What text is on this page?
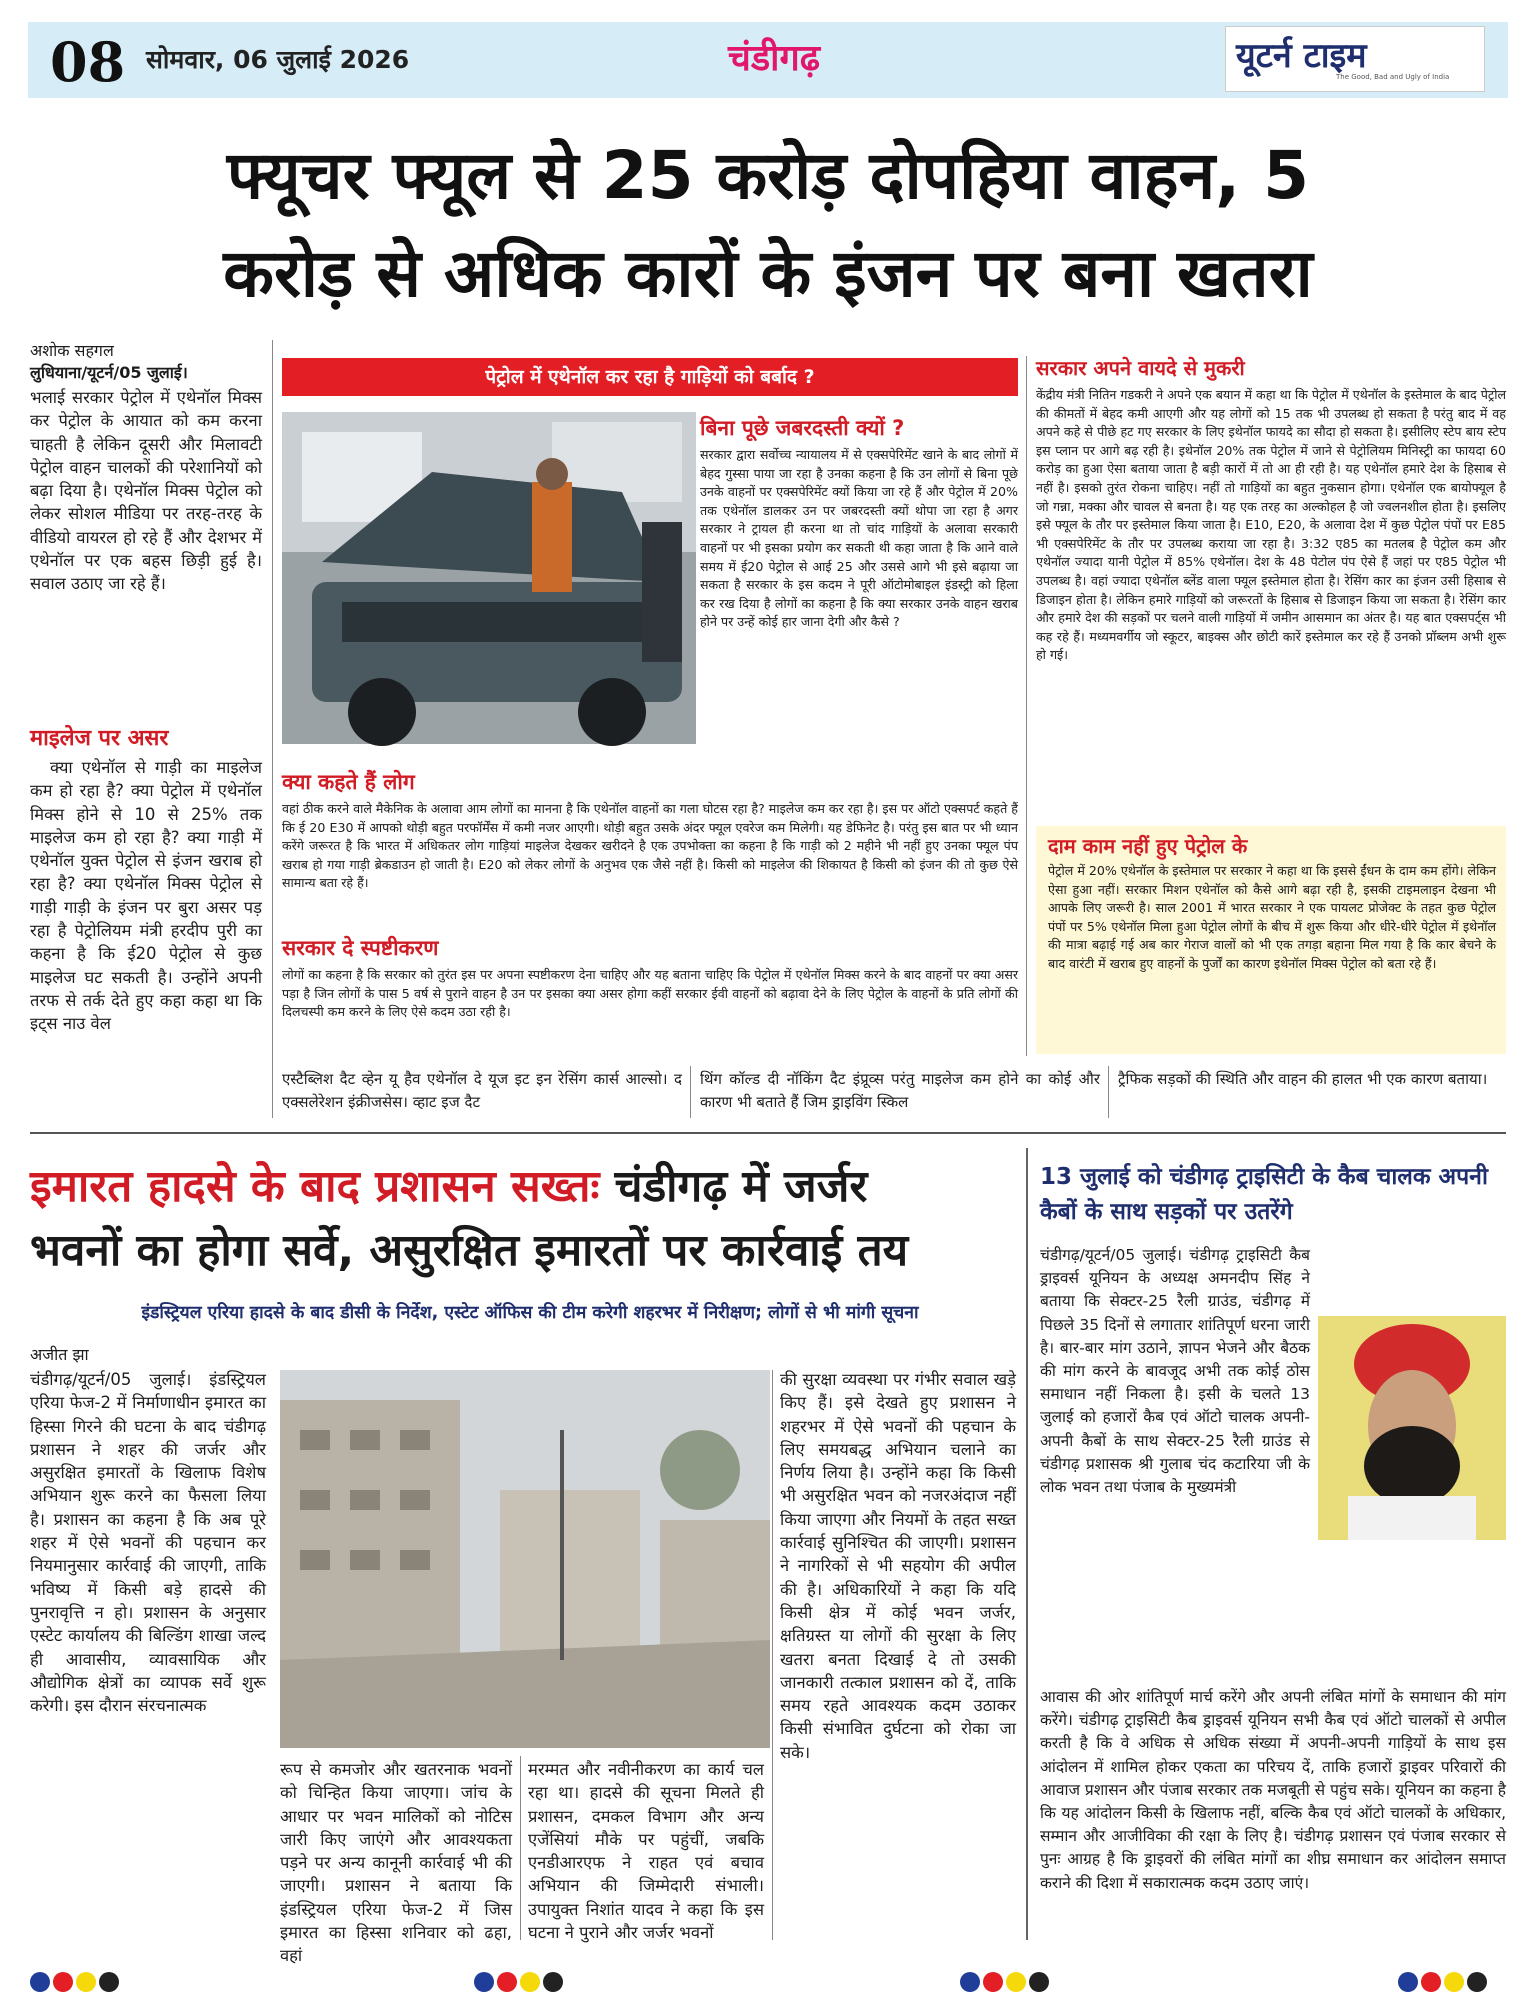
08 सोमवार, 06 जुलाई 2026	चंडीगढ़	यूटर्न टाइम
The Good, Bad and Ugly of India
फ्यूचर फ्यूल से 25 करोड़ दोपहिया वाहन, 5
करोड़ से अधिक कारों के इंजन पर बना खतरा
अशोक सहगल
लुधियाना/यूटर्न/05 जुलाई।
भलाई सरकार पेट्रोल में एथेनॉल मिक्स कर पेट्रोल के आयात को कम करना चाहती है लेकिन दूसरी और मिलावटी पेट्रोल वाहन चालकों की परेशानियों को बढ़ा दिया है। एथेनॉल मिक्स पेट्रोल को लेकर सोशल मीडिया पर तरह-तरह के वीडियो वायरल हो रहे हैं और देशभर में एथेनॉल पर एक बहस छिड़ी हुई है। सवाल उठाए जा रहे हैं।
माइलेज पर असर
क्या एथेनॉल से गाड़ी का माइलेज कम हो रहा है? क्या पेट्रोल में एथेनॉल मिक्स होने से 10 से 25% तक माइलेज कम हो रहा है? क्या गाड़ी में एथेनॉल युक्त पेट्रोल से इंजन खराब हो रहा है? क्या एथेनॉल मिक्स पेट्रोल से गाड़ी गाड़ी के इंजन पर बुरा असर पड़ रहा है पेट्रोलियम मंत्री हरदीप पुरी का कहना है कि ई20 पेट्रोल से कुछ माइलेज घट सकती है। उन्होंने अपनी तरफ से तर्क देते हुए कहा कहा था कि इट्स नाउ वेल
पेट्रोल में एथेनॉल कर रहा है गाड़ियों को बर्बाद ?
बिना पूछे जबरदस्ती क्यों ?
सरकार द्वारा सर्वोच्च न्यायालय में से एक्सपेरिमेंट खाने के बाद लोगों में बेहद गुस्सा पाया जा रहा है उनका कहना है कि उन लोगों से बिना पूछे उनके वाहनों पर एक्सपेरिमेंट क्यों किया जा रहे हैं और पेट्रोल में 20% तक एथेनॉल डालकर उन पर जबरदस्ती क्यों थोपा जा रहा है अगर सरकार ने ट्रायल ही करना था तो चांद गाड़ियों के अलावा सरकारी वाहनों पर भी इसका प्रयोग कर सकती थी कहा जाता है कि आने वाले समय में ई20 पेट्रोल से आई 25 और उससे आगे भी इसे बढ़ाया जा सकता है सरकार के इस कदम ने पूरी ऑटोमोबाइल इंडस्ट्री को हिला कर रख दिया है लोगों का कहना है कि क्या सरकार उनके वाहन खराब होने पर उन्हें कोई हार जाना देगी और कैसे ?
क्या कहते हैं लोग
वहां ठीक करने वाले मैकेनिक के अलावा आम लोगों का मानना है कि एथेनॉल वाहनों का गला घोटस रहा है? माइलेज कम कर रहा है। इस पर ऑटो एक्सपर्ट कहते हैं कि ई 20 E30 में आपको थोड़ी बहुत परफॉर्मेंस में कमी नजर आएगी। थोड़ी बहुत उसके अंदर फ्यूल एवरेज कम मिलेगी। यह डेफिनेट है। परंतु इस बात पर भी ध्यान करेंगे जरूरत है कि भारत में अधिकतर लोग गाड़ियां माइलेज देखकर खरीदने है एक उपभोक्ता का कहना है कि गाड़ी को 2 महीने भी नहीं हुए उनका फ्यूल पंप खराब हो गया गाड़ी ब्रेकडाउन हो जाती है। E20 को लेकर लोगों के अनुभव एक जैसे नहीं है। किसी को माइलेज की शिकायत है किसी को इंजन की तो कुछ ऐसे सामान्य बता रहे हैं।
सरकार दे स्पष्टीकरण
लोगों का कहना है कि सरकार को तुरंत इस पर अपना स्पष्टीकरण देना चाहिए और यह बताना चाहिए कि पेट्रोल में एथेनॉल मिक्स करने के बाद वाहनों पर क्या असर पड़ा है जिन लोगों के पास 5 वर्ष से पुराने वाहन है उन पर इसका क्या असर होगा कहीं सरकार ईवी वाहनों को बढ़ावा देने के लिए पेट्रोल के वाहनों के प्रति लोगों की दिलचस्पी कम करने के लिए ऐसे कदम उठा रही है।
सरकार अपने वायदे से मुकरी
केंद्रीय मंत्री नितिन गडकरी ने अपने एक बयान में कहा था कि पेट्रोल में एथेनॉल के इस्तेमाल के बाद पेट्रोल की कीमतों में बेहद कमी आएगी और यह लोगों को 15 तक भी उपलब्ध हो सकता है परंतु बाद में वह अपने कहे से पीछे हट गए सरकार के लिए इथेनॉल फायदे का सौदा हो सकता है। इसीलिए स्टेप बाय स्टेप इस प्लान पर आगे बढ़ रही है। इथेनॉल 20% तक पेट्रोल में जाने से पेट्रोलियम मिनिस्ट्री का फायदा 60 करोड़ का हुआ ऐसा बताया जाता है बड़ी कारों में तो आ ही रही है। यह एथेनॉल हमारे देश के हिसाब से नहीं है। इसको तुरंत रोकना चाहिए। नहीं तो गाड़ियों का बहुत नुकसान होगा। एथेनॉल एक बायोफ्यूल है जो गन्ना, मक्का और चावल से बनता है। यह एक तरह का अल्कोहल है जो ज्वलनशील होता है। इसलिए इसे फ्यूल के तौर पर इस्तेमाल किया जाता है। E10, E20, के अलावा देश में कुछ पेट्रोल पंपों पर E85 भी एक्सपेरिमेंट के तौर पर उपलब्ध कराया जा रहा है। 3:32 ए85 का मतलब है पेट्रोल कम और एथेनॉल ज्यादा यानी पेट्रोल में 85% एथेनॉल। देश के 48 पेटोल पंप ऐसे हैं जहां पर ए85 पेट्रोल भी उपलब्ध है। वहां ज्यादा एथेनॉल ब्लेंड वाला फ्यूल इस्तेमाल होता है। रेसिंग कार का इंजन उसी हिसाब से डिजाइन होता है। लेकिन हमारे गाड़ियों को जरूरतों के हिसाब से डिजाइन किया जा सकता है। रेसिंग कार और हमारे देश की सड़कों पर चलने वाली गाड़ियों में जमीन आसमान का अंतर है। यह बात एक्सपर्ट्स भी कह रहे हैं। मध्यमवर्गीय जो स्कूटर, बाइक्स और छोटी कारें इस्तेमाल कर रहे हैं उनको प्रॉब्लम अभी शुरू हो गई।
दाम काम नहीं हुए पेट्रोल के
पेट्रोल में 20% एथेनॉल के इस्तेमाल पर सरकार ने कहा था कि इससे ईंधन के दाम कम होंगे। लेकिन ऐसा हुआ नहीं। सरकार मिशन एथेनॉल को कैसे आगे बढ़ा रही है, इसकी टाइमलाइन देखना भी आपके लिए जरूरी है। साल 2001 में भारत सरकार ने एक पायलट प्रोजेक्ट के तहत कुछ पेट्रोल पंपों पर 5% एथेनॉल मिला हुआ पेट्रोल लोगों के बीच में शुरू किया और धीरे-धीरे पेट्रोल में इथेनॉल की मात्रा बढ़ाई गई अब कार गेराज वालों को भी एक तगड़ा बहाना मिल गया है कि कार बेचने के बाद वारंटी में खराब हुए वाहनों के पुर्जों का कारण इथेनॉल मिक्स पेट्रोल को बता रहे हैं।
एस्टैब्लिश दैट व्हेन यू हैव एथेनॉल दे यूज इट इन रेसिंग कार्स आल्सो। द एक्सलेरेशन इंक्रीजसेस। व्हाट इज दैट
थिंग कॉल्ड दी नॉकिंग दैट इंप्रूव्स परंतु माइलेज कम होने का कोई और कारण भी बताते हैं जिम ड्राइविंग स्किल
ट्रैफिक सड़कों की स्थिति और वाहन की हालत भी एक कारण बताया।
इमारत हादसे के बाद प्रशासन सख्तः चंडीगढ़ में जर्जर
भवनों का होगा सर्वे, असुरक्षित इमारतों पर कार्रवाई तय
इंडस्ट्रियल एरिया हादसे के बाद डीसी के निर्देश, एस्टेट ऑफिस की टीम करेगी शहरभर में निरीक्षण; लोगों से भी मांगी सूचना
अजीत झा
चंडीगढ़/यूटर्न/05 जुलाई। इंडस्ट्रियल एरिया फेज-2 में निर्माणाधीन इमारत का हिस्सा गिरने की घटना के बाद चंडीगढ़ प्रशासन ने शहर की जर्जर और असुरक्षित इमारतों के खिलाफ विशेष अभियान शुरू करने का फैसला लिया है। प्रशासन का कहना है कि अब पूरे शहर में ऐसे भवनों की पहचान कर नियमानुसार कार्रवाई की जाएगी, ताकि भविष्य में किसी बड़े हादसे की पुनरावृत्ति न हो। प्रशासन के अनुसार एस्टेट कार्यालय की बिल्डिंग शाखा जल्द ही आवासीय, व्यावसायिक और औद्योगिक क्षेत्रों का व्यापक सर्वे शुरू करेगी। इस दौरान संरचनात्मक
रूप से कमजोर और खतरनाक भवनों को चिन्हित किया जाएगा। जांच के आधार पर भवन मालिकों को नोटिस जारी किए जाएंगे और आवश्यकता पड़ने पर अन्य कानूनी कार्रवाई भी की जाएगी। प्रशासन ने बताया कि इंडस्ट्रियल एरिया फेज-2 में जिस इमारत का हिस्सा शनिवार को ढहा, वहां
मरम्मत और नवीनीकरण का कार्य चल रहा था। हादसे की सूचना मिलते ही प्रशासन, दमकल विभाग और अन्य एजेंसियां मौके पर पहुंचीं, जबकि एनडीआरएफ ने राहत एवं बचाव अभियान की जिम्मेदारी संभाली। उपायुक्त निशांत यादव ने कहा कि इस घटना ने पुराने और जर्जर भवनों
की सुरक्षा व्यवस्था पर गंभीर सवाल खड़े किए हैं। इसे देखते हुए प्रशासन ने शहरभर में ऐसे भवनों की पहचान के लिए समयबद्ध अभियान चलाने का निर्णय लिया है। उन्होंने कहा कि किसी भी असुरक्षित भवन को नजरअंदाज नहीं किया जाएगा और नियमों के तहत सख्त कार्रवाई सुनिश्चित की जाएगी। प्रशासन ने नागरिकों से भी सहयोग की अपील की है। अधिकारियों ने कहा कि यदि किसी क्षेत्र में कोई भवन जर्जर, क्षतिग्रस्त या लोगों की सुरक्षा के लिए खतरा बनता दिखाई दे तो उसकी जानकारी तत्काल प्रशासन को दें, ताकि समय रहते आवश्यक कदम उठाकर किसी संभावित दुर्घटना को रोका जा सके।
13 जुलाई को चंडीगढ़ ट्राइसिटी के कैब चालक अपनी कैबों के साथ सड़कों पर उतरेंगे
चंडीगढ़/यूटर्न/05 जुलाई। चंडीगढ़ ट्राइसिटी कैब ड्राइवर्स यूनियन के अध्यक्ष अमनदीप सिंह ने बताया कि सेक्टर-25 रैली ग्राउंड, चंडीगढ़ में पिछले 35 दिनों से लगातार शांतिपूर्ण धरना जारी है। बार-बार मांग उठाने, ज्ञापन भेजने और बैठक की मांग करने के बावजूद अभी तक कोई ठोस समाधान नहीं निकला है। इसी के चलते 13 जुलाई को हजारों कैब एवं ऑटो चालक अपनी-अपनी कैबों के साथ सेक्टर-25 रैली ग्राउंड से चंडीगढ़ प्रशासक श्री गुलाब चंद कटारिया जी के लोक भवन तथा पंजाब के मुख्यमंत्री
आवास की ओर शांतिपूर्ण मार्च करेंगे और अपनी लंबित मांगों के समाधान की मांग करेंगे। चंडीगढ़ ट्राइसिटी कैब ड्राइवर्स यूनियन सभी कैब एवं ऑटो चालकों से अपील करती है कि वे अधिक से अधिक संख्या में अपनी-अपनी गाड़ियों के साथ इस आंदोलन में शामिल होकर एकता का परिचय दें, ताकि हजारों ड्राइवर परिवारों की आवाज प्रशासन और पंजाब सरकार तक मजबूती से पहुंच सके। यूनियन का कहना है कि यह आंदोलन किसी के खिलाफ नहीं, बल्कि कैब एवं ऑटो चालकों के अधिकार, सम्मान और आजीविका की रक्षा के लिए है। चंडीगढ़ प्रशासन एवं पंजाब सरकार से पुनः आग्रह है कि ड्राइवरों की लंबित मांगों का शीघ्र समाधान कर आंदोलन समाप्त कराने की दिशा में सकारात्मक कदम उठाए जाएं।
